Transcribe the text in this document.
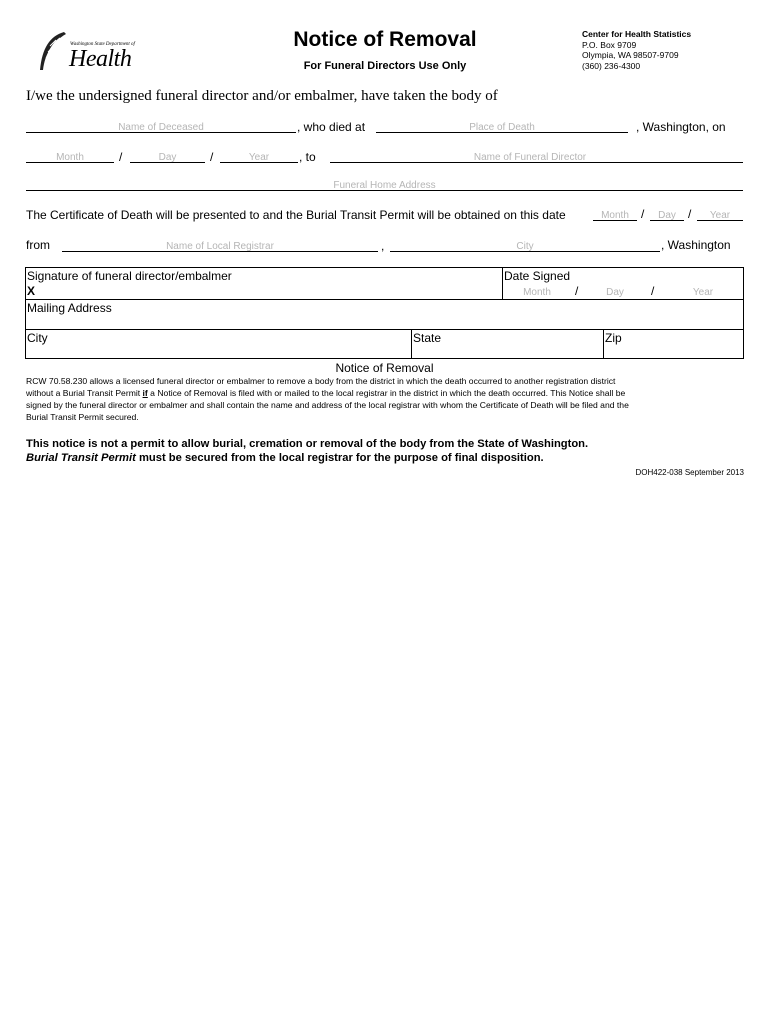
Washington State Department of
Health
Notice of Removal
For Funeral Directors Use Only
Center for Health Statistics
P.O. Box 9709
Olympia, WA 98507-9709
(360) 236-4300
I/we the undersigned funeral director and/or embalmer, have taken the body of
Name of Deceased	, who died at	Place of Death	, Washington, on
Month	/	Day	/	Year	, to	Name of Funeral Director
Funeral Home Address
The Certificate of Death will be presented to and the Burial Transit Permit will be obtained on this date	Month	/	Day	/	Year
from	Name of Local Registrar	,	City	, Washington
Signature of funeral director/embalmer
X
Date Signed
Month	/	Day	/	Year
Mailing Address
City	State	Zip
Notice of Removal
RCW 70.58.230 allows a licensed funeral director or embalmer to remove a body from the district in which the death occurred to another registration district
without a Burial Transit Permit if a Notice of Removal is filed with or mailed to the local registrar in the district in which the death occurred. This Notice shall be
signed by the funeral director or embalmer and shall contain the name and address of the local registrar with whom the Certificate of Death will be filed and the
Burial Transit Permit secured.
This notice is not a permit to allow burial, cremation or removal of the body from the State of Washington.
Burial Transit Permit must be secured from the local registrar for the purpose of final disposition.
DOH422-038 September 2013
